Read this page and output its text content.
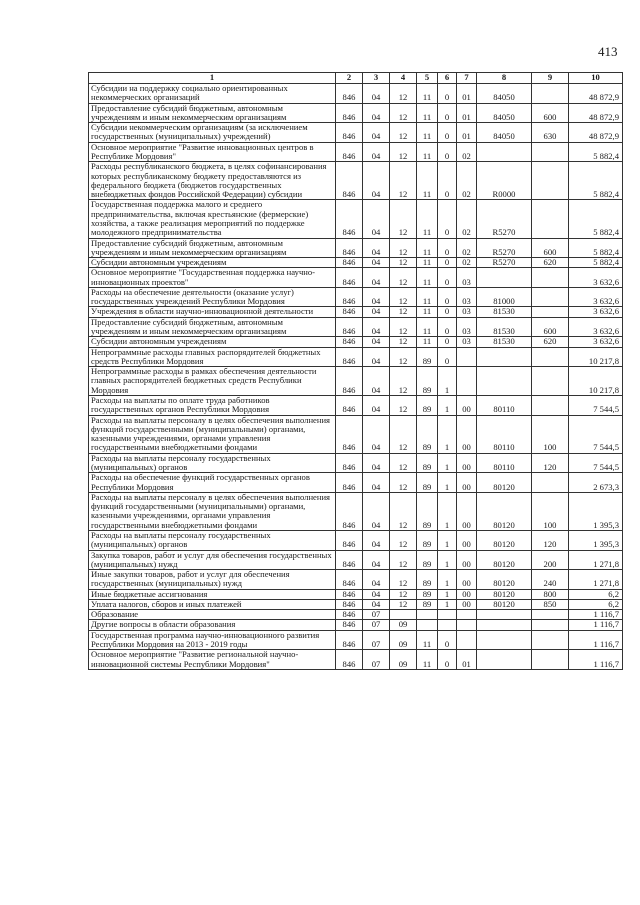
413
1	2	3	4	5	6	7	8	9	10
Субсидии на поддержку социально ориентированных некоммерческих организаций	846	04	12	11	0	01	84050		48 872,9
Предоставление субсидий бюджетным, автономным учреждениям и иным некоммерческим организациям	846	04	12	11	0	01	84050	600	48 872,9
Субсидии некоммерческим организациям (за исключением государственных (муниципальных) учреждений)	846	04	12	11	0	01	84050	630	48 872,9
Основное мероприятие "Развитие инновационных центров в Республике Мордовия"	846	04	12	11	0	02			5 882,4
Расходы республиканского бюджета, в целях софинансирования которых республиканскому бюджету предоставляются из федерального бюджета (бюджетов государственных внебюджетных фондов Российской Федерации) субсидии	846	04	12	11	0	02	R0000		5 882,4
Государственная поддержка малого и среднего предпринимательства, включая крестьянские (фермерские) хозяйства, а также реализация мероприятий по поддержке молодежного предпринимательства	846	04	12	11	0	02	R5270		5 882,4
Предоставление субсидий бюджетным, автономным учреждениям и иным некоммерческим организациям	846	04	12	11	0	02	R5270	600	5 882,4
Субсидии автономным учреждениям	846	04	12	11	0	02	R5270	620	5 882,4
Основное мероприятие "Государственная поддержка научно-инновационных проектов"	846	04	12	11	0	03			3 632,6
Расходы на обеспечение деятельности (оказание услуг) государственных учреждений Республики Мордовия	846	04	12	11	0	03	81000		3 632,6
Учреждения в области научно-инновационной деятельности	846	04	12	11	0	03	81530		3 632,6
Предоставление субсидий бюджетным, автономным учреждениям и иным некоммерческим организациям	846	04	12	11	0	03	81530	600	3 632,6
Субсидии автономным учреждениям	846	04	12	11	0	03	81530	620	3 632,6
Непрограммные расходы главных распорядителей бюджетных средств Республики Мордовия	846	04	12	89	0				10 217,8
Непрограммные расходы в рамках обеспечения деятельности главных распорядителей бюджетных средств Республики Мордовия	846	04	12	89	1				10 217,8
Расходы на выплаты по оплате труда работников государственных органов Республики Мордовия	846	04	12	89	1	00	80110		7 544,5
Расходы на выплаты персоналу в целях обеспечения выполнения функций государственными (муниципальными) органами, казенными учреждениями, органами управления государственными внебюджетными фондами	846	04	12	89	1	00	80110	100	7 544,5
Расходы на выплаты персоналу государственных (муниципальных) органов	846	04	12	89	1	00	80110	120	7 544,5
Расходы на обеспечение функций государственных органов Республики Мордовия	846	04	12	89	1	00	80120		2 673,3
Расходы на выплаты персоналу в целях обеспечения выполнения функций государственными (муниципальными) органами, казенными учреждениями, органами управления государственными внебюджетными фондами	846	04	12	89	1	00	80120	100	1 395,3
Расходы на выплаты персоналу государственных (муниципальных) органов	846	04	12	89	1	00	80120	120	1 395,3
Закупка товаров, работ и услуг для обеспечения государственных (муниципальных) нужд	846	04	12	89	1	00	80120	200	1 271,8
Иные закупки товаров, работ и услуг для обеспечения государственных (муниципальных) нужд	846	04	12	89	1	00	80120	240	1 271,8
Иные бюджетные ассигнования	846	04	12	89	1	00	80120	800	6,2
Уплата налогов, сборов и иных платежей	846	04	12	89	1	00	80120	850	6,2
Образование	846	07							1 116,7
Другие вопросы в области образования	846	07	09						1 116,7
Государственная программа научно-инновационного развития Республики Мордовия на 2013 - 2019 годы	846	07	09	11	0				1 116,7
Основное мероприятие "Развитие региональной научно-инновационной системы Республики Мордовия"	846	07	09	11	0	01			1 116,7
